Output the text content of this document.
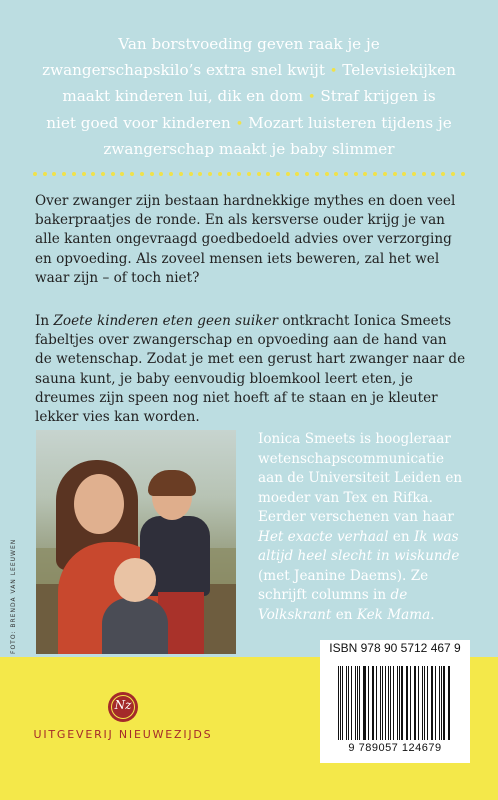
Van borstvoeding geven raak je je
zwangerschapskilo’s extra snel kwijt • Televisiekijken
maakt kinderen lui, dik en dom • Straf krijgen is
niet goed voor kinderen • Mozart luisteren tijdens je
zwangerschap maakt je baby slimmer
Over zwanger zijn bestaan hardnekkige mythes en doen veel bakerpraatjes de ronde. En als kersverse ouder krijg je van alle kanten ongevraagd goedbedoeld advies over verzorging en opvoeding. Als zoveel mensen iets beweren, zal het wel waar zijn – of toch niet?
In Zoete kinderen eten geen suiker ontkracht Ionica Smeets fabeltjes over zwangerschap en opvoeding aan de hand van de wetenschap. Zodat je met een gerust hart zwanger naar de sauna kunt, je baby eenvoudig bloemkool leert eten, je dreumes zijn speen nog niet hoeft af te staan en je kleuter lekker vies kan worden.
FOTO: BRENDA VAN LEEUWEN
Ionica Smeets is hoogleraar wetenschapscommunicatie aan de Universiteit Leiden en moeder van Tex en Rifka. Eerder verschenen van haar Het exacte verhaal en Ik was altijd heel slecht in wiskunde (met Jeanine Daems). Ze schrijft columns in de Volkskrant en Kek Mama.
ISBN 978 90 5712 467 9
9 789057 124679
Nz
UITGEVERIJ NIEUWEZIJDS
